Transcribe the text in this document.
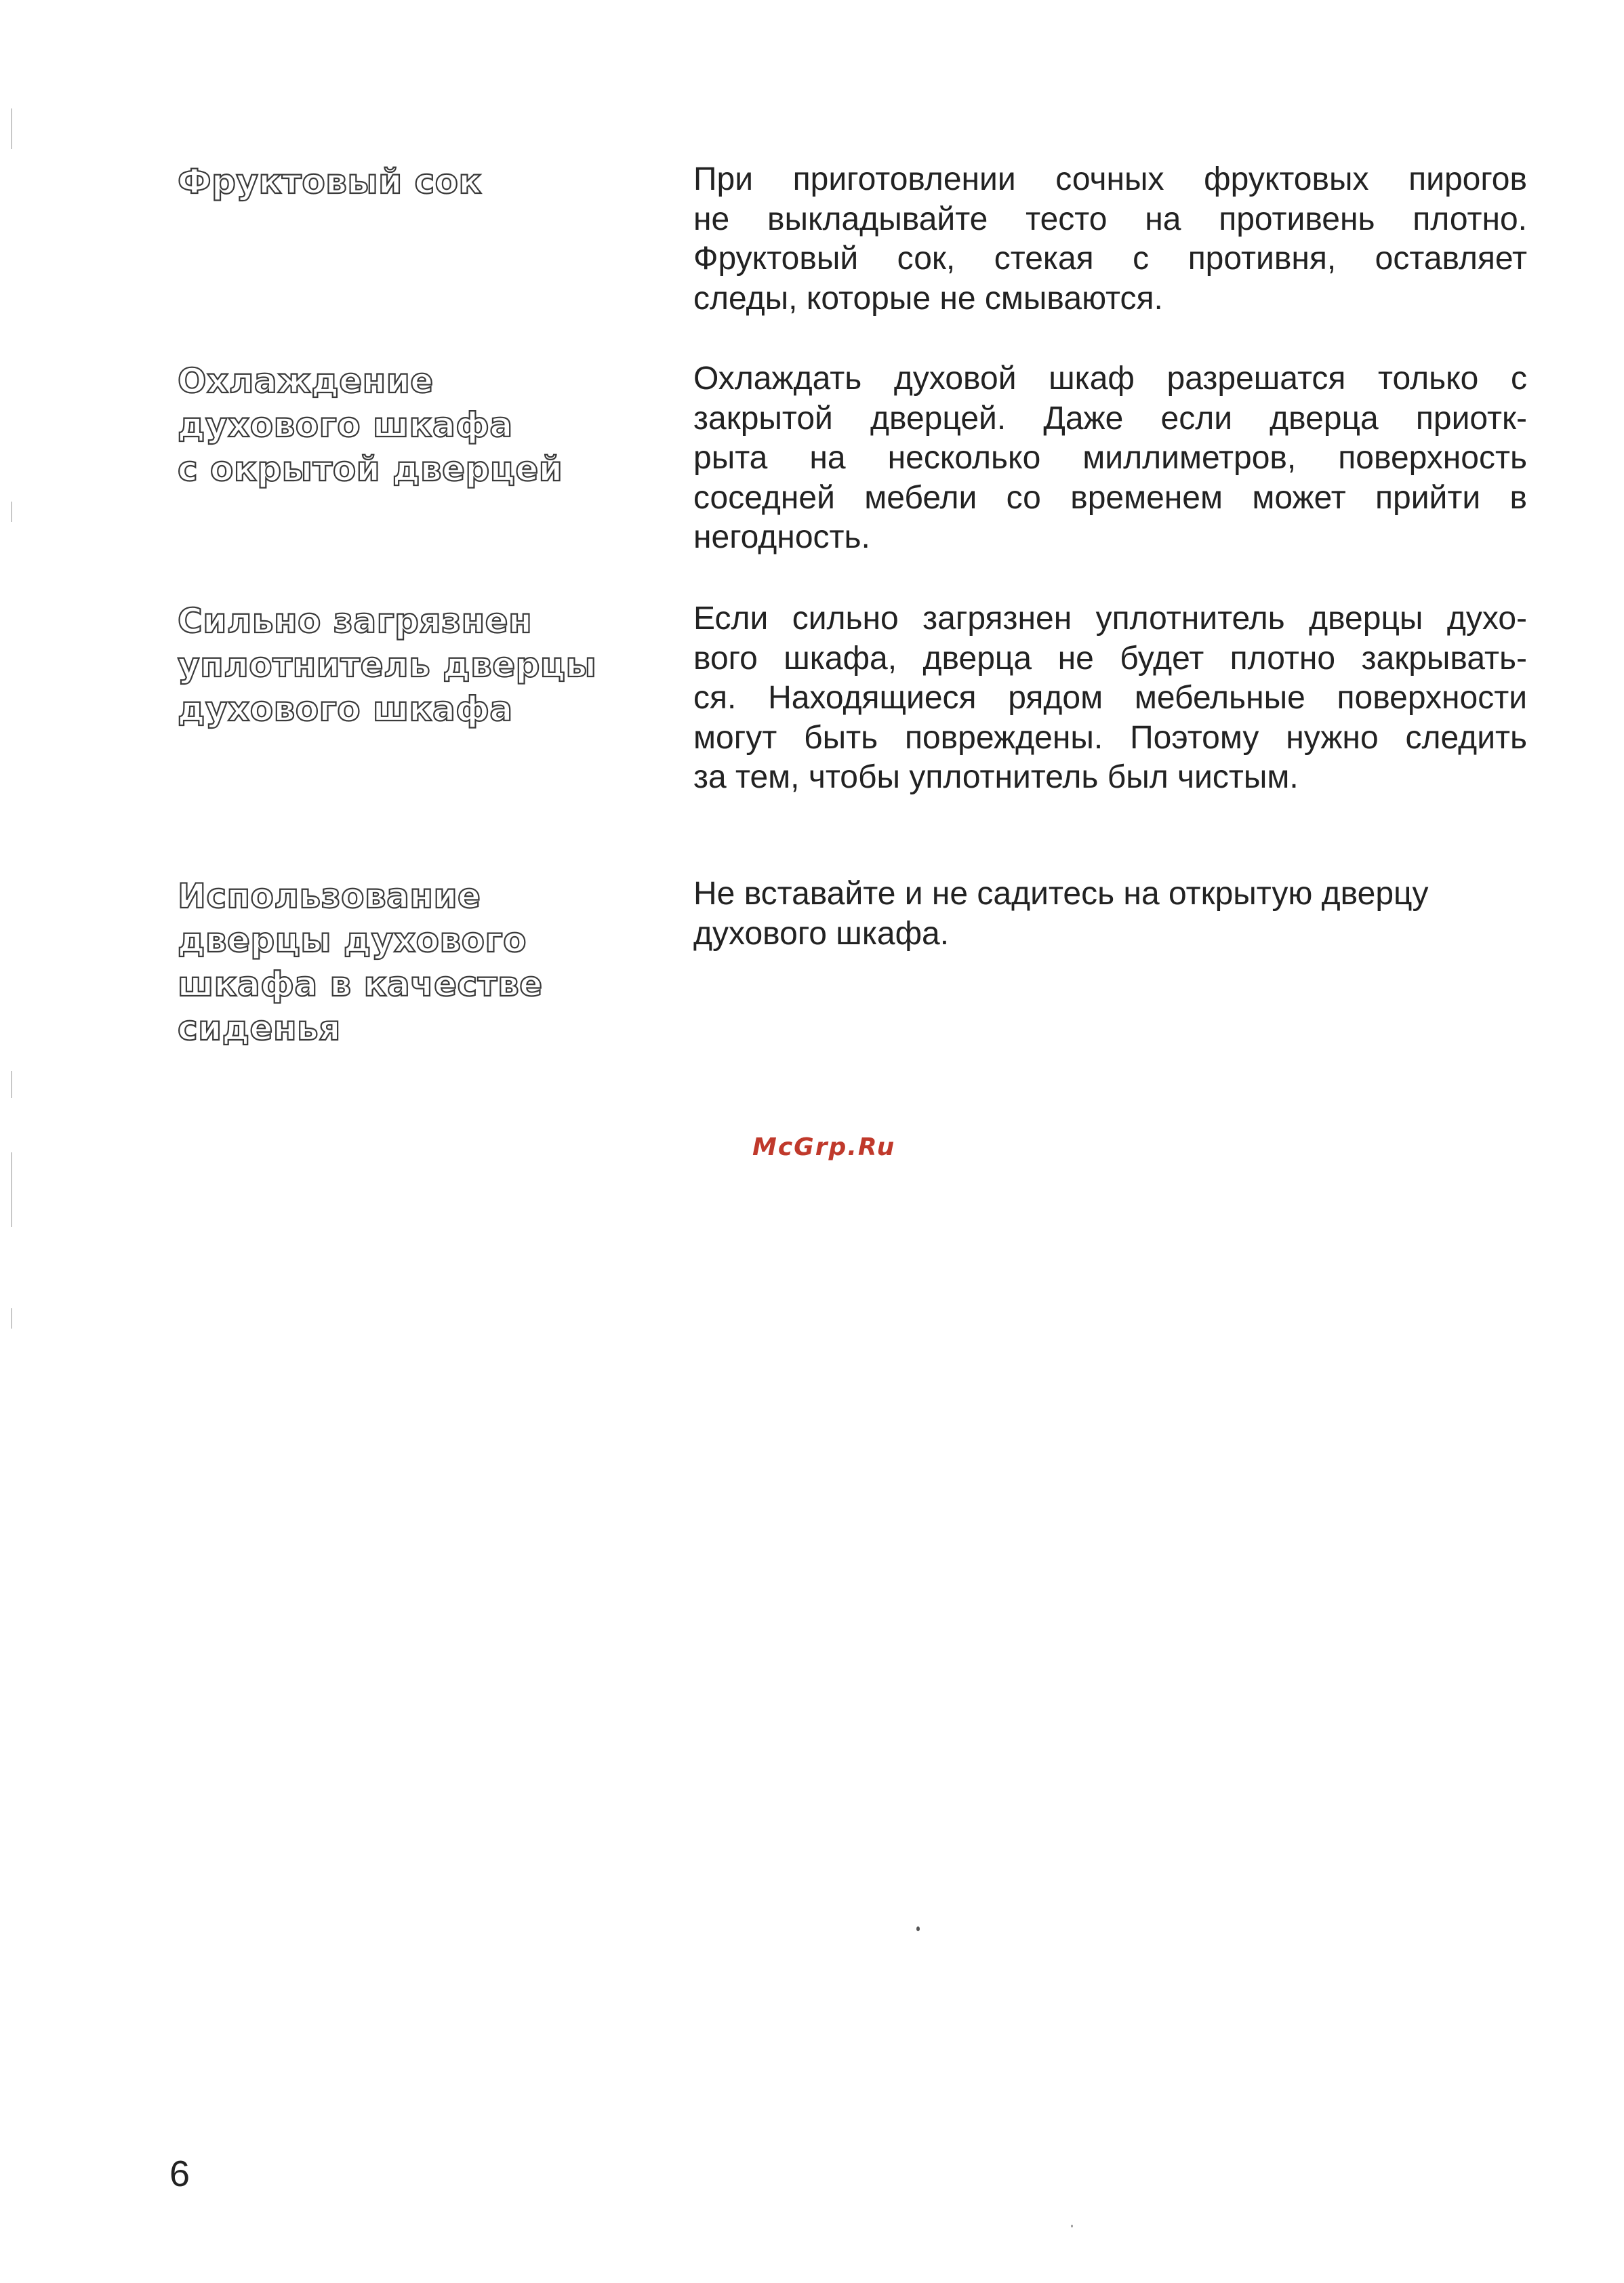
Фруктовый сок	При приготовлении сочных фруктовых пирогов
не выкладывайте тесто на противень плотно.
Фруктовый сок, стекая с противня, оставляет
следы, которые не смываются.

Охлаждение
духового шкафа
с окрытой дверцей

Охлаждать духовой шкаф разрешатся только с
закрытой дверцей. Даже если дверца приотк-
рыта на несколько миллиметров, поверхность
соседней мебели со временем может прийти в
негодность.

Сильно загрязнен
уплотнитель дверцы
духового шкафа

Если сильно загрязнен уплотнитель дверцы духо-
вого шкафа, дверца не будет плотно закрывать-
ся. Находящиеся рядом мебельные поверхности
могут быть повреждены. Поэтому нужно следить
за тем, чтобы уплотнитель был чистым.

Использование
дверцы духового
шкафа в качестве
сиденья

Не вставайте и не садитесь на открытую дверцу
духового шкафа.

McGrp.Ru
6
